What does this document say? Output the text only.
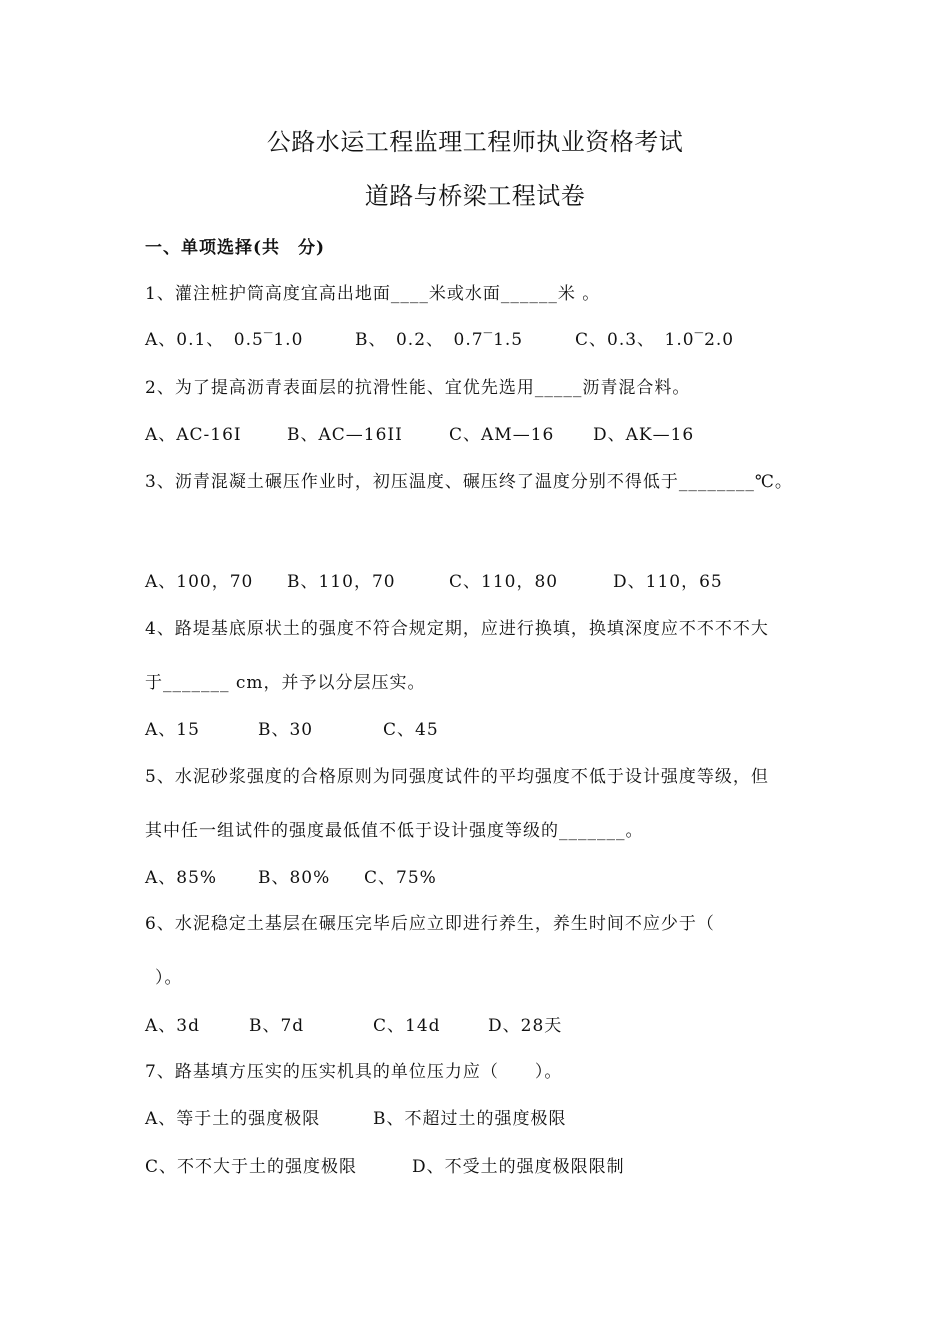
公路水运工程监理工程师执业资格考试
道路与桥梁工程试卷
一、单项选择(共　分)
1、灌注桩护筒高度宜高出地面____米或水面______米 。
A、0.1、　0.5‾1.0	B、　0.2、　0.7‾1.5	C、0.3、　1.0‾2.0
2、为了提高沥青表面层的抗滑性能、宜优先选用_____沥青混合料。
A、AC-16I	B、AC—16II	C、AM—16 D、AK—16
3、沥青混凝土碾压作业时，初压温度、碾压终了温度分别不得低于________℃。
A、100，70 B、110，70	C、110，80	D、110，65
4、路堤基底原状土的强度不符合规定期，应进行换填，换填深度应不不不不大
于_______ cm，并予以分层压实。
A、15	B、30	C、45
5、水泥砂浆强度的合格原则为同强度试件的平均强度不低于设计强度等级，但
其中任一组试件的强度最低值不低于设计强度等级的_______。
A、85% B、80% C、75%
6、水泥稳定土基层在碾压完毕后应立即进行养生，养生时间不应少于（
）。
A、3d	B、7d	C、14d	D、28天
7、路基填方压实的压实机具的单位压力应（　　）。
A、等于土的强度极限	B、不超过土的强度极限
C、不不大于土的强度极限	D、不受土的强度极限限制
